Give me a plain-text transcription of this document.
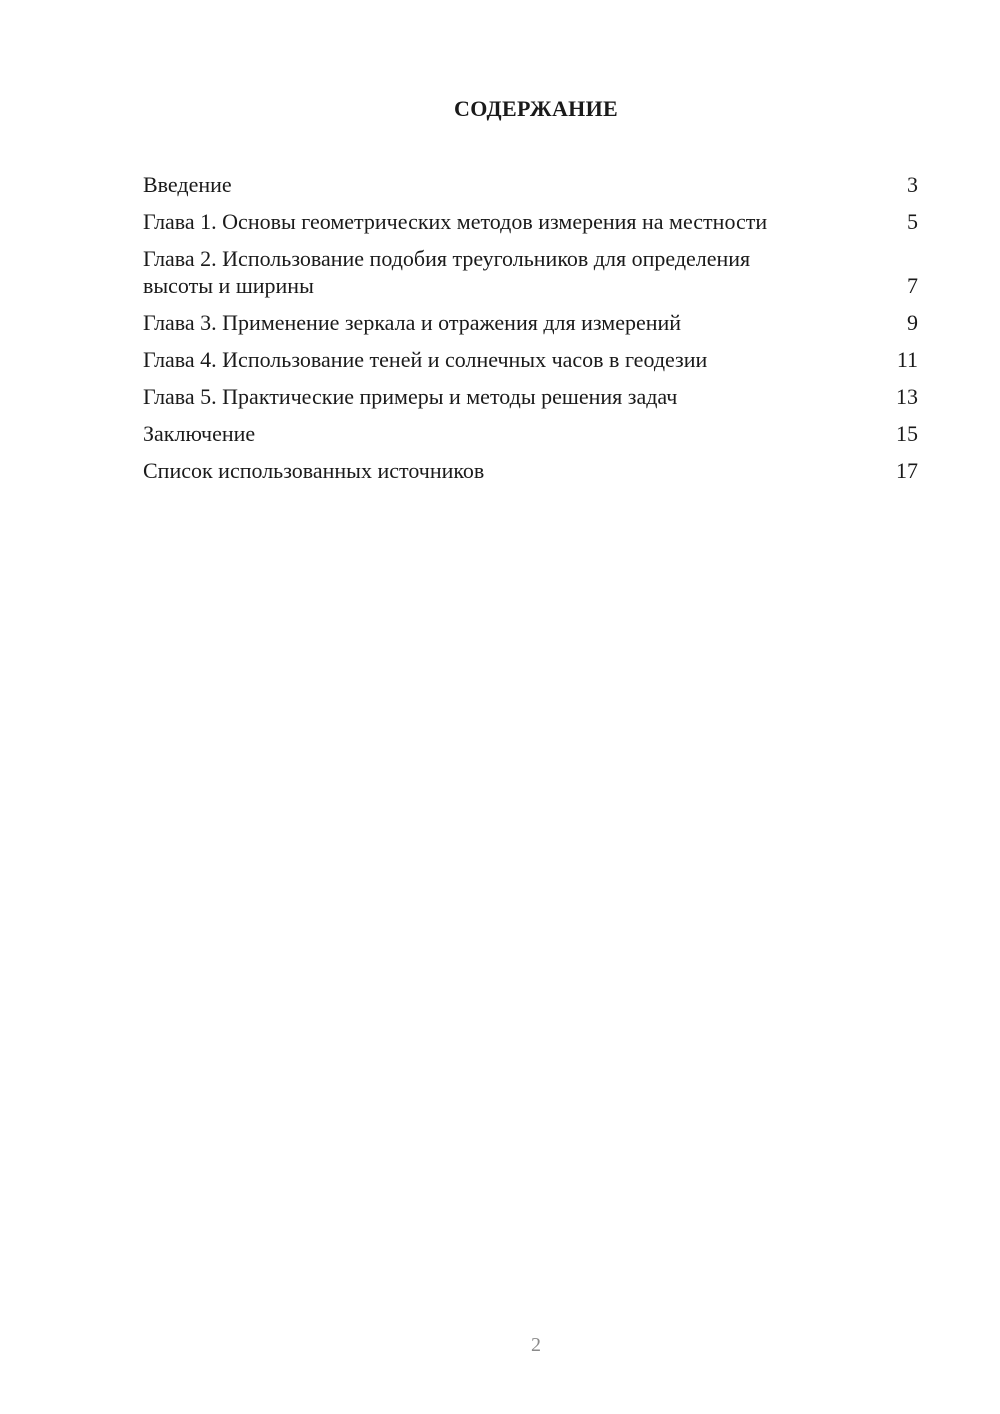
СОДЕРЖАНИЕ
Введение	3
Глава 1. Основы геометрических методов измерения на местности	5
Глава 2. Использование подобия треугольников для определения высоты и ширины	7
Глава 3. Применение зеркала и отражения для измерений	9
Глава 4. Использование теней и солнечных часов в геодезии	11
Глава 5. Практические примеры и методы решения задач	13
Заключение	15
Список использованных источников	17
2
